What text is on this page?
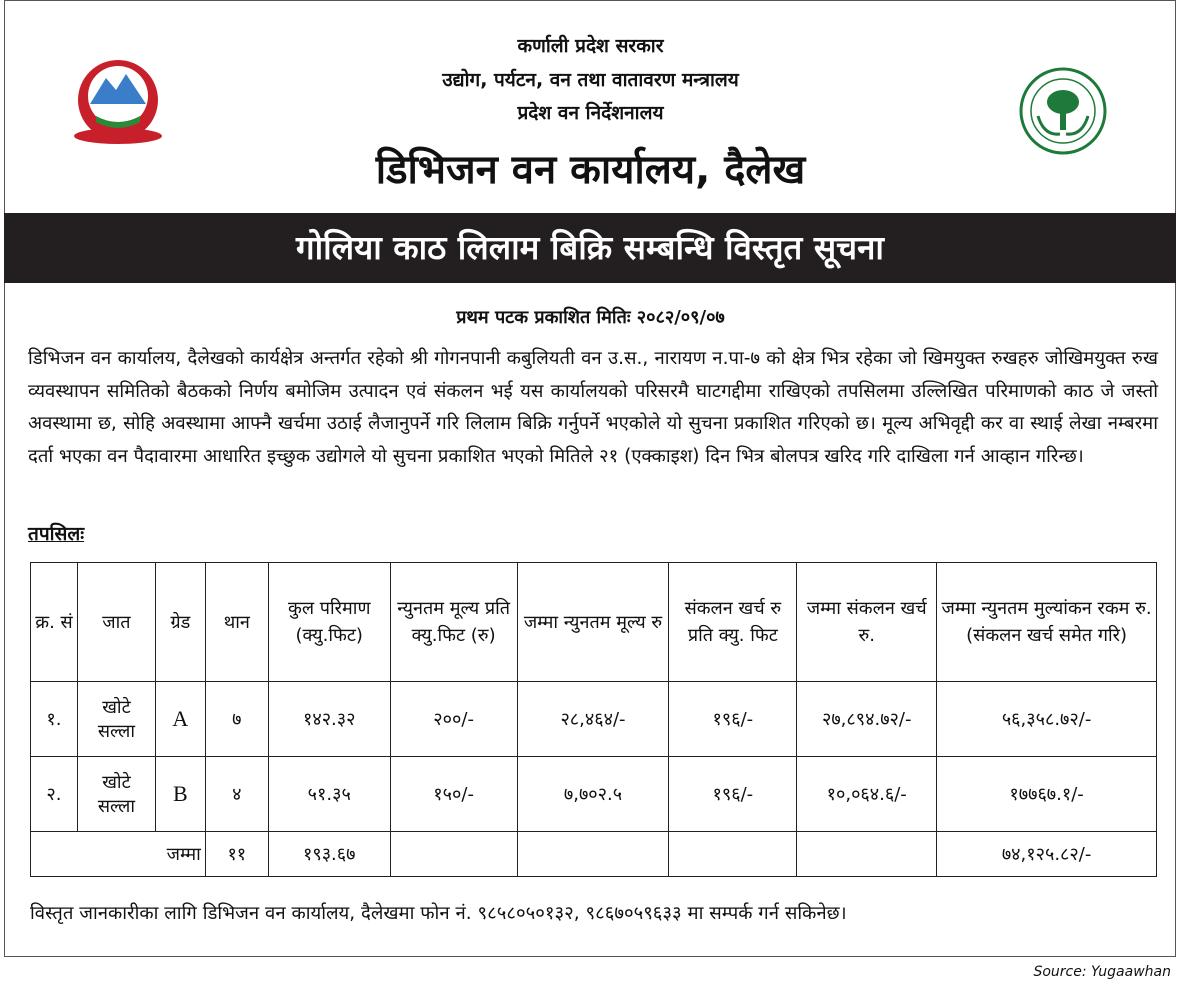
कर्णाली प्रदेश सरकार
उद्योग, पर्यटन, वन तथा वातावरण मन्त्रालय
प्रदेश वन निर्देशनालय
डिभिजन वन कार्यालय, दैलेख
गोलिया काठ लिलाम बिक्रि सम्बन्धि विस्तृत सूचना
प्रथम पटक प्रकाशित मितिः २०८२/०९/०७
डिभिजन वन कार्यालय, दैलेखको कार्यक्षेत्र अन्तर्गत रहेको श्री गोगनपानी कबुलियती वन उ.स., नारायण न.पा-७ को क्षेत्र भित्र रहेका जो खिमयुक्त रुखहरु जोखिमयुक्त रुख व्यवस्थापन समितिको बैठकको निर्णय बमोजिम उत्पादन एवं संकलन भई यस कार्यालयको परिसरमै घाटगद्दीमा राखिएको तपसिलमा उल्लिखित परिमाणको काठ जे जस्तो अवस्थामा छ, सोहि अवस्थामा आफ्नै खर्चमा उठाई लैजानुपर्ने गरि लिलाम बिक्रि गर्नुपर्ने भएकोले यो सुचना प्रकाशित गरिएको छ। मूल्य अभिवृद्दी कर वा स्थाई लेखा नम्बरमा दर्ता भएका वन पैदावारमा आधारित इच्छुक उद्योगले यो सुचना प्रकाशित भएको मितिले २१ (एक्काइश) दिन भित्र बोलपत्र खरिद गरि दाखिला गर्न आव्हान गरिन्छ।
तपसिलः
क्र. सं	जात	ग्रेड	थान	कुल परिमाण (क्यु.फिट)	न्युनतम मूल्य प्रति क्यु.फिट (रु)	जम्मा न्युनतम मूल्य रु	संकलन खर्च रु प्रति क्यु. फिट	जम्मा संकलन खर्च रु.	जम्मा न्युनतम मुल्यांकन रकम रु. (संकलन खर्च समेत गरि)
१.	खोटे सल्ला	A	७	१४२.३२	२००/-	२८,४६४/-	१९६/-	२७,८९४.७२/-	५६,३५८.७२/-
२.	खोटे सल्ला	B	४	५१.३५	१५०/-	७,७०२.५	१९६/-	१०,०६४.६/-	१७७६७.१/-
जम्मा			११	१९३.६७					७४,१२५.८२/-
विस्तृत जानकारीका लागि डिभिजन वन कार्यालय, दैलेखमा फोन नं. ९८५८०५०१३२, ९८६७०५९६३३ मा सम्पर्क गर्न सकिनेछ।
Source: Yugaawhan
